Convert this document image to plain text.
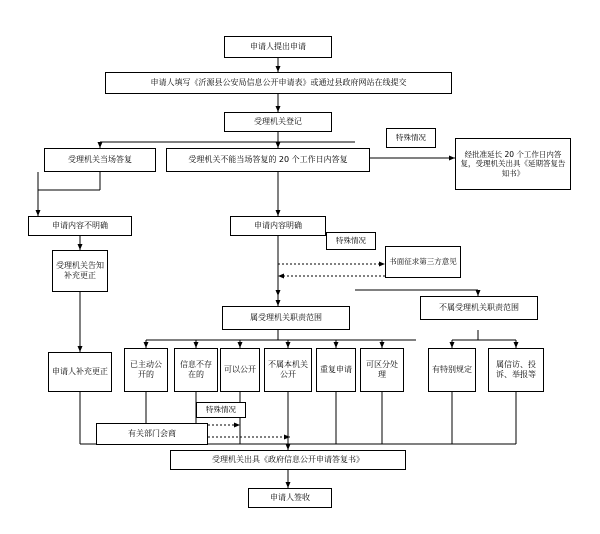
申请人提出申请
申请人填写《沂源县公安局信息公开申请表》或通过县政府网站在线提交
受理机关登记
受理机关当场答复	受理机关不能当场答复的 20 个工作日内答复
经批准延长 20 个工作日内答复，受理机关出具《延期答复告知书》
申请内容不明确	申请内容明确
书面征求第三方意见
受理机关告知补充更正
申请人补充更正
属受理机关职责范围
不属受理机关职责范围
已主动公开的
信息不存在的
可以公开
不属本机关公开
重复申请
可区分处理
有特别规定
属信访、投诉、举报等
有关部门会商
受理机关出具《政府信息公开申请答复书》
申请人签收
特殊情况
特殊情况
特殊情况
